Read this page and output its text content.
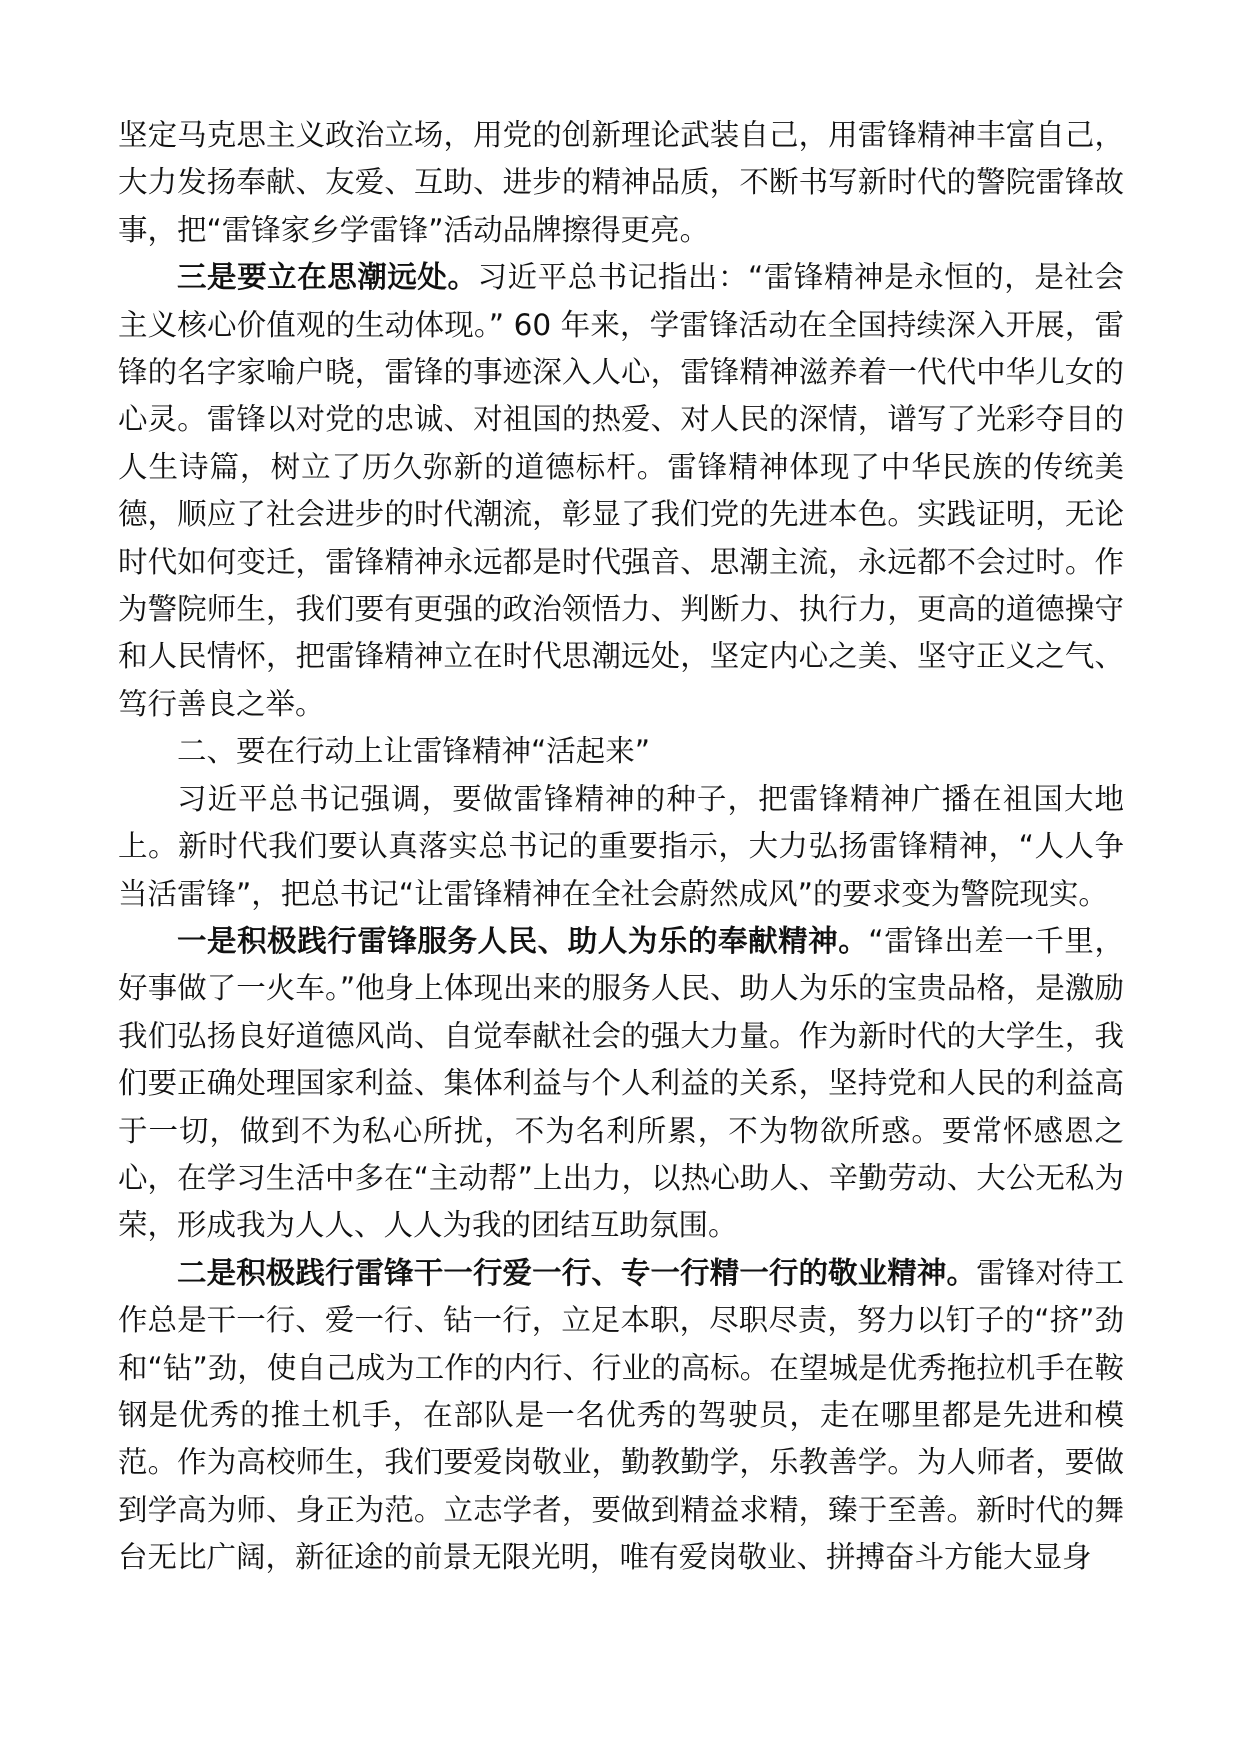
坚定马克思主义政治立场，用党的创新理论武装自己，用雷锋精神丰富自己，大力发扬奉献、友爱、互助、进步的精神品质，不断书写新时代的警院雷锋故事，把“雷锋家乡学雷锋”活动品牌擦得更亮。

三是要立在思潮远处。习近平总书记指出：“雷锋精神是永恒的，是社会主义核心价值观的生动体现。” 60 年来，学雷锋活动在全国持续深入开展，雷锋的名字家喻户晓，雷锋的事迹深入人心，雷锋精神滋养着一代代中华儿女的心灵。雷锋以对党的忠诚、对祖国的热爱、对人民的深情，谱写了光彩夺目的人生诗篇，树立了历久弥新的道德标杆。雷锋精神体现了中华民族的传统美德，顺应了社会进步的时代潮流，彰显了我们党的先进本色。实践证明，无论时代如何变迁，雷锋精神永远都是时代强音、思潮主流，永远都不会过时。作为警院师生，我们要有更强的政治领悟力、判断力、执行力，更高的道德操守和人民情怀，把雷锋精神立在时代思潮远处，坚定内心之美、坚守正义之气、笃行善良之举。

二、要在行动上让雷锋精神“活起来”

习近平总书记强调，要做雷锋精神的种子，把雷锋精神广播在祖国大地上。新时代我们要认真落实总书记的重要指示，大力弘扬雷锋精神，“人人争当活雷锋”，把总书记“让雷锋精神在全社会蔚然成风”的要求变为警院现实。

一是积极践行雷锋服务人民、助人为乐的奉献精神。“雷锋出差一千里，好事做了一火车。”他身上体现出来的服务人民、助人为乐的宝贵品格，是激励我们弘扬良好道德风尚、自觉奉献社会的强大力量。作为新时代的大学生，我们要正确处理国家利益、集体利益与个人利益的关系，坚持党和人民的利益高于一切，做到不为私心所扰，不为名利所累，不为物欲所惑。要常怀感恩之心，在学习生活中多在“主动帮”上出力，以热心助人、辛勤劳动、大公无私为荣，形成我为人人、人人为我的团结互助氛围。

二是积极践行雷锋干一行爱一行、专一行精一行的敬业精神。雷锋对待工作总是干一行、爱一行、钻一行，立足本职，尽职尽责，努力以钉子的“挤”劲和“钻”劲，使自己成为工作的内行、行业的高标。在望城是优秀拖拉机手在鞍钢是优秀的推土机手，在部队是一名优秀的驾驶员，走在哪里都是先进和模范。作为高校师生，我们要爱岗敬业，勤教勤学，乐教善学。为人师者，要做到学高为师、身正为范。立志学者，要做到精益求精，臻于至善。新时代的舞台无比广阔，新征途的前景无限光明，唯有爱岗敬业、拼搏奋斗方能大显身
